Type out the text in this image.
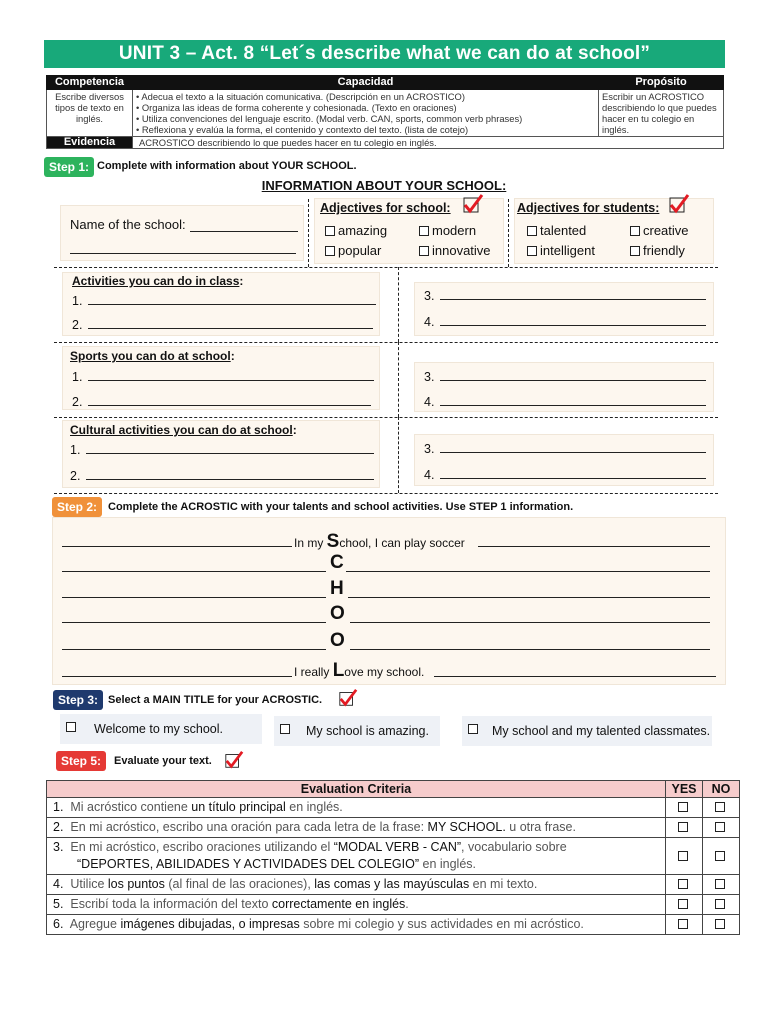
UNIT 3 – Act. 8 “Let´s describe what we can do at school”
Competencia	Capacidad	Propósito
Escribe diversos tipos de texto en inglés.	• Adecua el texto a la situación comunicativa. (Descripción en un ACROSTICO)
• Organiza las ideas de forma coherente y cohesionada. (Texto en oraciones)
• Utiliza convenciones del lenguaje escrito. (Modal verb. CAN, sports, common verb phrases)
• Reflexiona y evalúa la forma, el contenido y contexto del texto. (lista de cotejo)	Escribir un ACROSTICO describiendo lo que puedes hacer en tu colegio en inglés.
Evidencia	ACROSTICO describiendo lo que puedes hacer en tu colegio en inglés.	
Step 1: Complete with information about YOUR SCHOOL.
INFORMATION ABOUT YOUR SCHOOL:
Name of the school:
Adjectives for school:
amazing	modern
popular	innovative
Adjectives for students:
talented	creative
intelligent	friendly
Activities you can do in class:
1.
2.
3.
4.
Sports you can do at school:
1.
2.
3.
4.
Cultural activities you can do at school:
1.
2.
3.
4.
Step 2: Complete the ACROSTIC with your talents and school activities. Use STEP 1 information.
In my School, I can play soccer
C
H
O
O
I really Love my school.
Step 3: Select a MAIN TITLE for your ACROSTIC.
Welcome to my school.	My school is amazing.	My school and my talented classmates.
Step 5:	Evaluate your text.
Evaluation Criteria	YES	NO
1. Mi acróstico contiene un título principal en inglés.		
2. En mi acróstico, escribo una oración para cada letra de la frase: MY SCHOOL. u otra frase.		
3. En mi acróstico, escribo oraciones utilizando el “MODAL VERB - CAN”, vocabulario sobre
“DEPORTES, ABILIDADES Y ACTIVIDADES DEL COLEGIO” en inglés.		
4. Utilice los puntos (al final de las oraciones), las comas y las mayúsculas en mi texto.		
5. Escribí toda la información del texto correctamente en inglés.		
6. Agregue imágenes dibujadas, o impresas sobre mi colegio y sus actividades en mi acróstico.		
